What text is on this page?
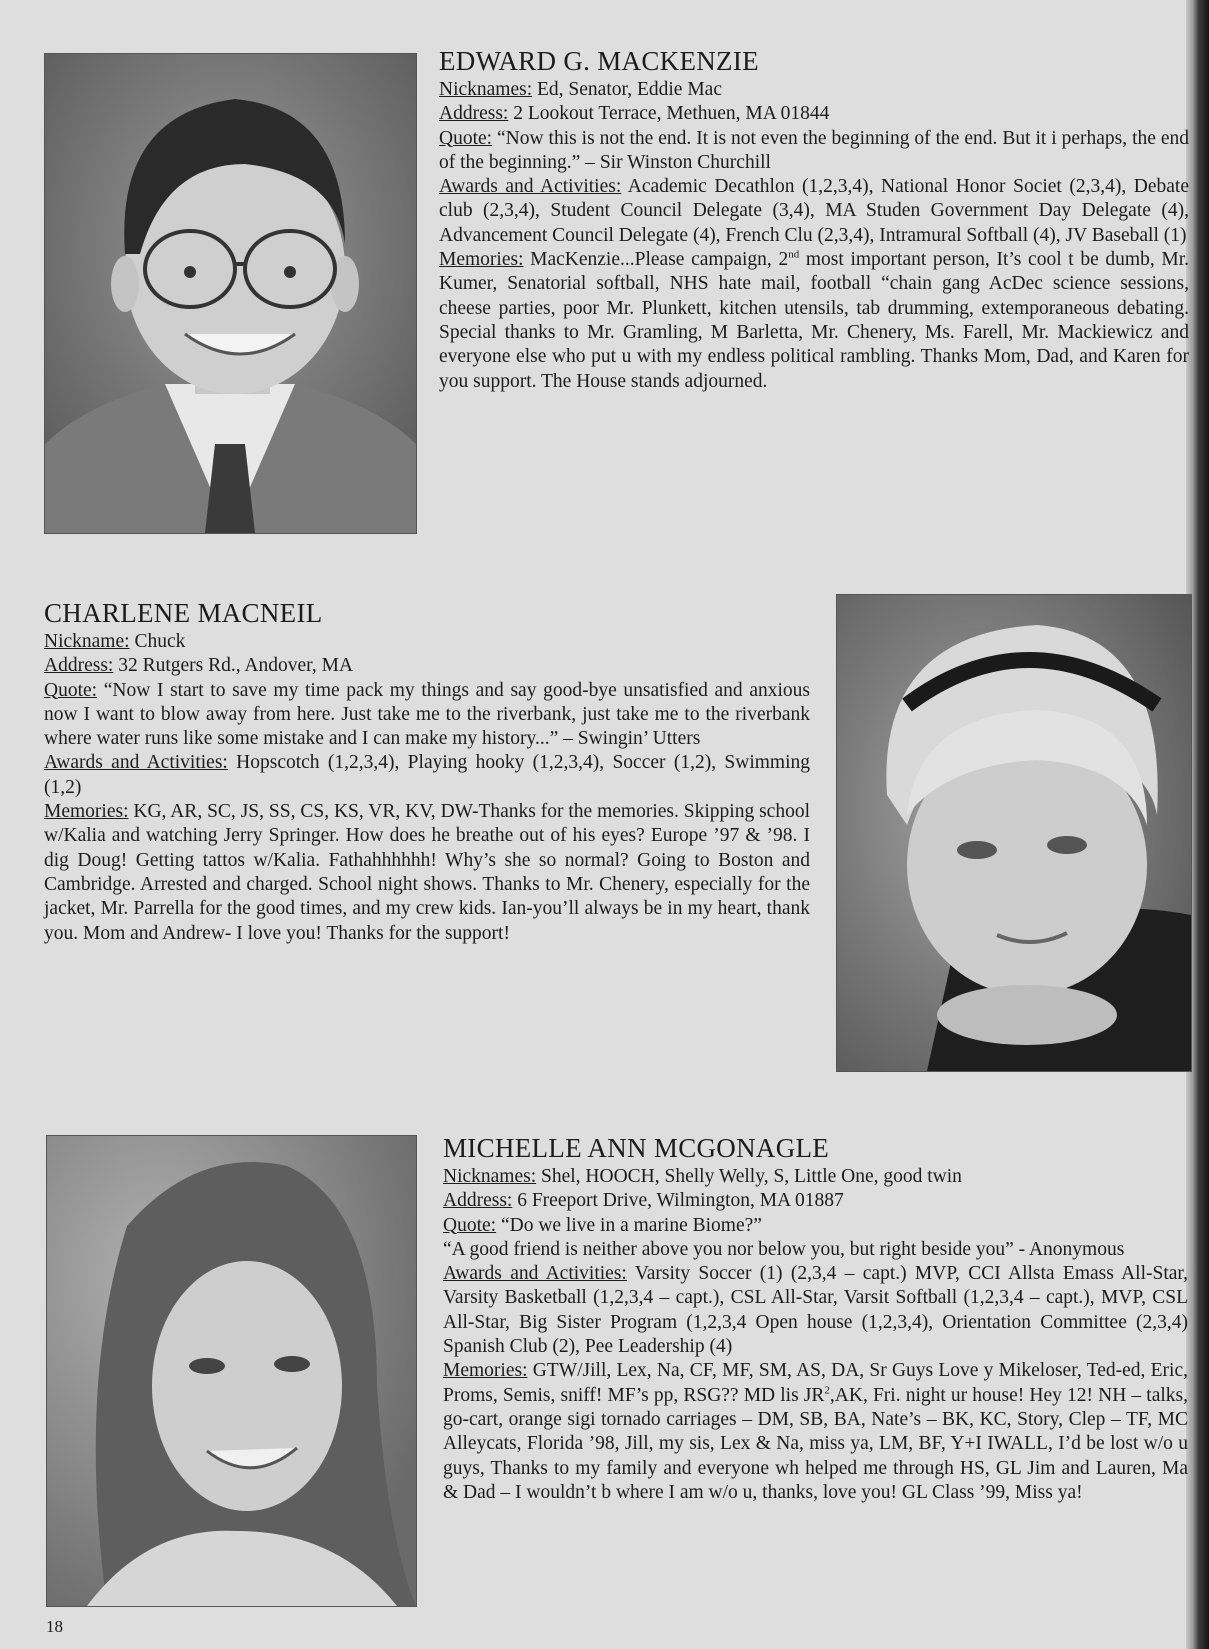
EDWARD G. MACKENZIE

Nicknames: Ed, Senator, Eddie Mac

Address: 2 Lookout Terrace, Methuen, MA 01844

Quote: “Now this is not the end. It is not even the beginning of the end. But it i perhaps, the end of the beginning.” – Sir Winston Churchill

Awards and Activities: Academic Decathlon (1,2,3,4), National Honor Societ (2,3,4), Debate club (2,3,4), Student Council Delegate (3,4), MA Studen Government Day Delegate (4), Advancement Council Delegate (4), French Clu (2,3,4), Intramural Softball (4), JV Baseball (1)

Memories: MacKenzie...Please campaign, 2nd most important person, It’s cool t be dumb, Mr. Kumer, Senatorial softball, NHS hate mail, football “chain gang AcDec science sessions, cheese parties, poor Mr. Plunkett, kitchen utensils, tab drumming, extemporaneous debating. Special thanks to Mr. Gramling, M Barletta, Mr. Chenery, Ms. Farell, Mr. Mackiewicz and everyone else who put u with my endless political rambling. Thanks Mom, Dad, and Karen for you support. The House stands adjourned.

CHARLENE MACNEIL

Nickname: Chuck

Address: 32 Rutgers Rd., Andover, MA

Quote: “Now I start to save my time pack my things and say good-bye unsatisfied and anxious now I want to blow away from here. Just take me to the riverbank, just take me to the riverbank where water runs like some mistake and I can make my history...” – Swingin’ Utters

Awards and Activities: Hopscotch (1,2,3,4), Playing hooky (1,2,3,4), Soccer (1,2), Swimming (1,2)

Memories: KG, AR, SC, JS, SS, CS, KS, VR, KV, DW-Thanks for the memories. Skipping school w/Kalia and watching Jerry Springer. How does he breathe out of his eyes? Europe ’97 & ’98. I dig Doug! Getting tattos w/Kalia. Fathahhhhhh! Why’s she so normal? Going to Boston and Cambridge. Arrested and charged. School night shows. Thanks to Mr. Chenery, especially for the jacket, Mr. Parrella for the good times, and my crew kids. Ian-you’ll always be in my heart, thank you. Mom and Andrew- I love you! Thanks for the support!

MICHELLE ANN MCGONAGLE

Nicknames: Shel, HOOCH, Shelly Welly, S, Little One, good twin

Address: 6 Freeport Drive, Wilmington, MA 01887

Quote: “Do we live in a marine Biome?”

“A good friend is neither above you nor below you, but right beside you” - Anonymous

Awards and Activities: Varsity Soccer (1) (2,3,4 – capt.) MVP, CCI Allsta Emass All-Star, Varsity Basketball (1,2,3,4 – capt.), CSL All-Star, Varsit Softball (1,2,3,4 – capt.), MVP, CSL All-Star, Big Sister Program (1,2,3,4 Open house (1,2,3,4), Orientation Committee (2,3,4) Spanish Club (2), Pee Leadership (4)

Memories: GTW/Jill, Lex, Na, CF, MF, SM, AS, DA, Sr Guys Love y Mikeloser, Ted-ed, Eric, Proms, Semis, sniff! MF’s pp, RSG?? MD lis $JR^2,AK$, Fri. night ur house! Hey 12! NH – talks, go-cart, orange sigi tornado carriages – DM, SB, BA, Nate’s – BK, KC, Story, Clep – TF, MC Alleycats, Florida ’98, Jill, my sis, Lex & Na, miss ya, LM, BF, Y+I IWALL, I’d be lost w/o u guys, Thanks to my family and everyone wh helped me through HS, GL Jim and Lauren, Ma & Dad – I wouldn’t b where I am w/o u, thanks, love you! GL Class ’99, Miss ya!

18
